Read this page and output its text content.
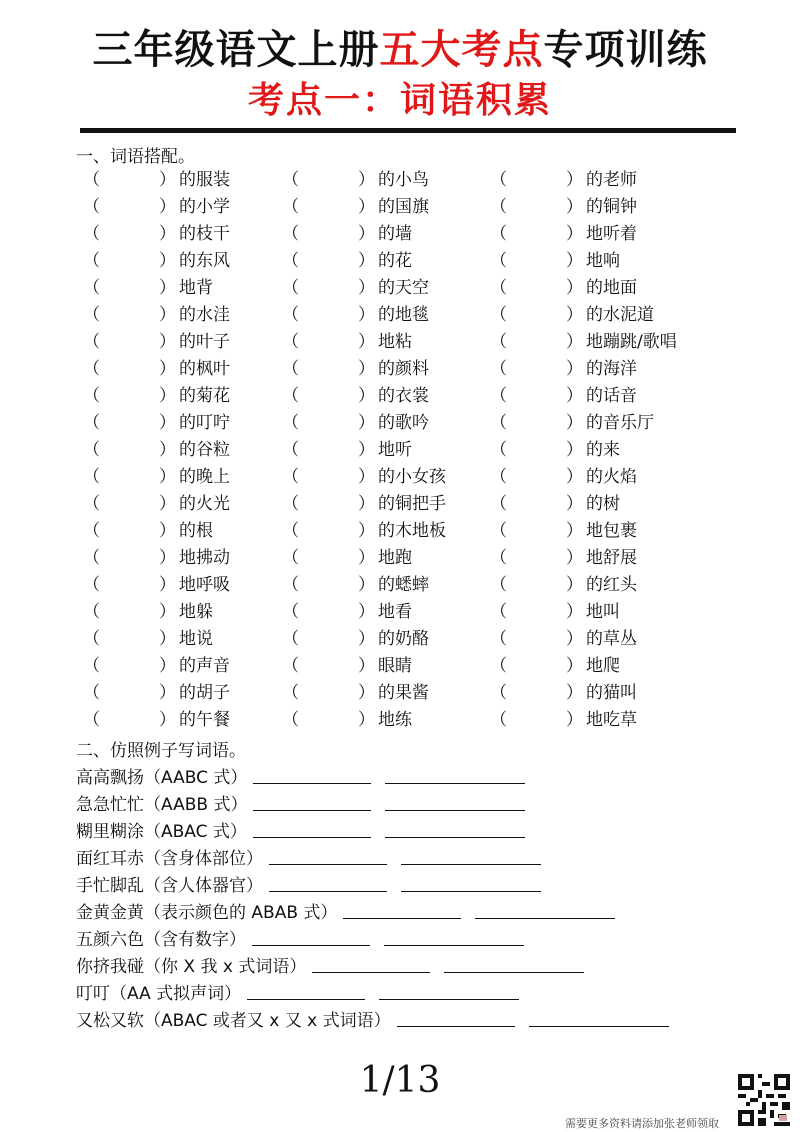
三年级语文上册五大考点专项训练
考点一：词语积累
一、词语搭配。
（	） 的服装	（	） 的小鸟	（	） 的老师
（	） 的小学	（	） 的国旗	（	） 的铜钟
（	） 的枝干	（	） 的墙	（	） 地听着
（	） 的东风	（	） 的花	（	） 地响
（	） 地背	（	） 的天空	（	） 的地面
（	） 的水洼	（	） 的地毯	（	） 的水泥道
（	） 的叶子	（	） 地粘	（	） 地蹦跳/歌唱
（	） 的枫叶	（	） 的颜料	（	） 的海洋
（	） 的菊花	（	） 的衣裳	（	） 的话音
（	） 的叮咛	（	） 的歌吟	（	） 的音乐厅
（	） 的谷粒	（	） 地听	（	） 的来
（	） 的晚上	（	） 的小女孩	（	） 的火焰
（	） 的火光	（	） 的铜把手	（	） 的树
（	） 的根	（	） 的木地板	（	） 地包裹
（	） 地拂动	（	） 地跑	（	） 地舒展
（	） 地呼吸	（	） 的蟋蟀	（	） 的红头
（	） 地躲	（	） 地看	（	） 地叫
（	） 地说	（	） 的奶酪	（	） 的草丛
（	） 的声音	（	） 眼睛	（	） 地爬
（	） 的胡子	（	） 的果酱	（	） 的猫叫
（	） 的午餐	（	） 地练	（	） 地吃草
二、仿照例子写词语。
高高飘扬（AABC 式）
急急忙忙（AABB 式）
糊里糊涂（ABAC 式）
面红耳赤（含身体部位）
手忙脚乱（含人体器官）
金黄金黄（表示颜色的 ABAB 式）
五颜六色（含有数字）
你挤我碰（你 X 我 x 式词语）
叮叮（AA 式拟声词）
又松又软（ABAC 或者又 x 又 x 式词语）
1/13
需要更多资料请添加张老师领取
